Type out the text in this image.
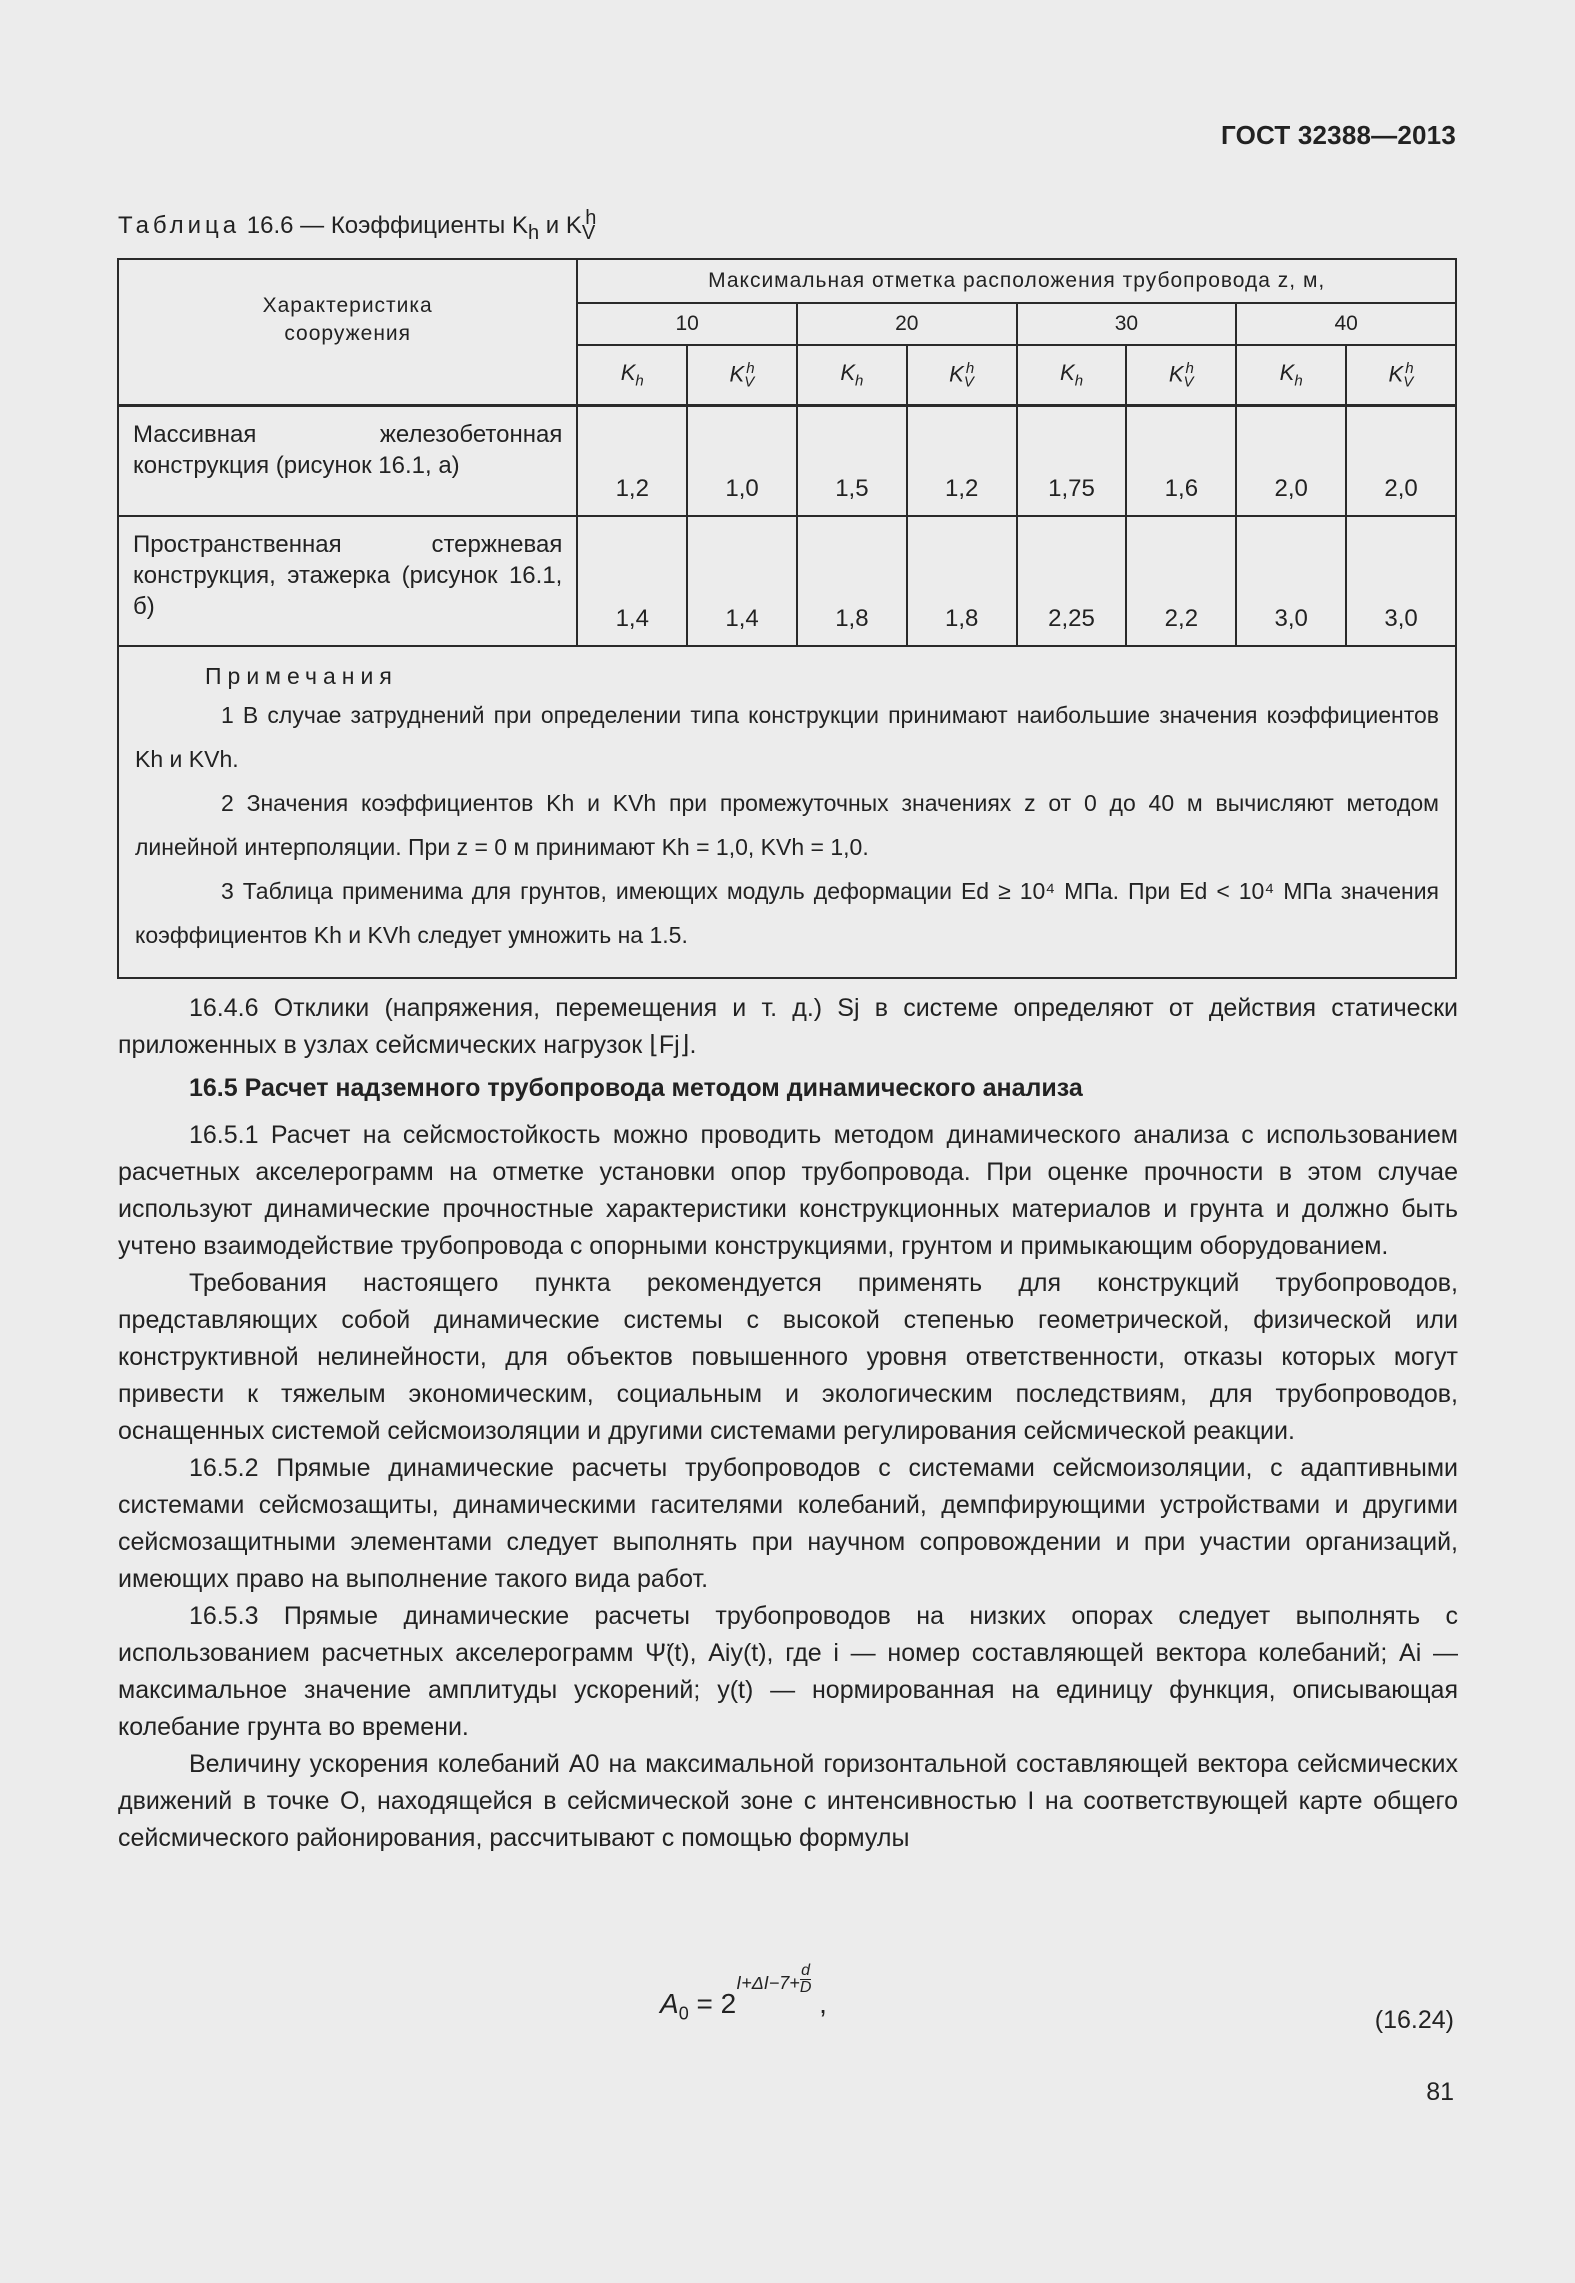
ГОСТ 32388—2013
Таблица 16.6 — Коэффициенты $K_h$ и $K_V^h$
Характеристика сооружения	Максимальная отметка расположения трубопровода z, м,							
	10		20		30		40	
	$K_h$	$K_V^h$	$K_h$	$K_V^h$	$K_h$	$K_V^h$	$K_h$	$K_V^h$
Массивная железобетонная конструкция (рисунок 16.1, а)	1,2	1,0	1,5	1,2	1,75	1,6	2,0	2,0
Пространственная стержневая конструкция, этажерка (рисунок 16.1, б)	1,4	1,4	1,8	1,8	2,25	2,2	3,0	3,0

Примечания
1 В случае затруднений при определении типа конструкции принимают наибольшие значения коэффициентов Kh и KVh.
2 Значения коэффициентов Kh и KVh при промежуточных значениях z от 0 до 40 м вычисляют методом линейной интерполяции. При z = 0 м принимают Kh = 1,0, KVh = 1,0.
3 Таблица применима для грунтов, имеющих модуль деформации Ed ≥ 10⁴ МПа. При Ed < 10⁴ МПа значения коэффициентов Kh и KVh следует умножить на 1.5.								

16.4.6 Отклики (напряжения, перемещения и т. д.) Sj в системе определяют от действия статически приложенных в узлах сейсмических нагрузок ⌊Fj⌋.

16.5 Расчет надземного трубопровода методом динамического анализа

16.5.1 Расчет на сейсмостойкость можно проводить методом динамического анализа с использованием расчетных акселерограмм на отметке установки опор трубопровода. При оценке прочности в этом случае используют динамические прочностные характеристики конструкционных материалов и грунта и должно быть учтено взаимодействие трубопровода с опорными конструкциями, грунтом и примыкающим оборудованием.

Требования настоящего пункта рекомендуется применять для конструкций трубопроводов, представляющих собой динамические системы с высокой степенью геометрической, физической или конструктивной нелинейности, для объектов повышенного уровня ответственности, отказы которых могут привести к тяжелым экономическим, социальным и экологическим последствиям, для трубопроводов, оснащенных системой сейсмоизоляции и другими системами регулирования сейсмической реакции.

16.5.2 Прямые динамические расчеты трубопроводов с системами сейсмоизоляции, с адаптивными системами сейсмозащиты, динамическими гасителями колебаний, демпфирующими устройствами и другими сейсмозащитными элементами следует выполнять при научном сопровождении и при участии организаций, имеющих право на выполнение такого вида работ.

16.5.3 Прямые динамические расчеты трубопроводов на низких опорах следует выполнять с использованием расчетных акселерограмм Ψ̈(t), Aiy(t), где i — номер составляющей вектора колебаний; Ai — максимальное значение амплитуды ускорений; y(t) — нормированная на единицу функция, описывающая колебание грунта во времени.

Величину ускорения колебаний A0 на максимальной горизонтальной составляющей вектора сейсмических движений в точке О, находящейся в сейсмической зоне с интенсивностью I на соответствующей карте общего сейсмического районирования, рассчитывают с помощью формулы

$A_0 = 2^{I+\Delta I-7+} \frac{d}{D}$ ,
(16.24)
81
